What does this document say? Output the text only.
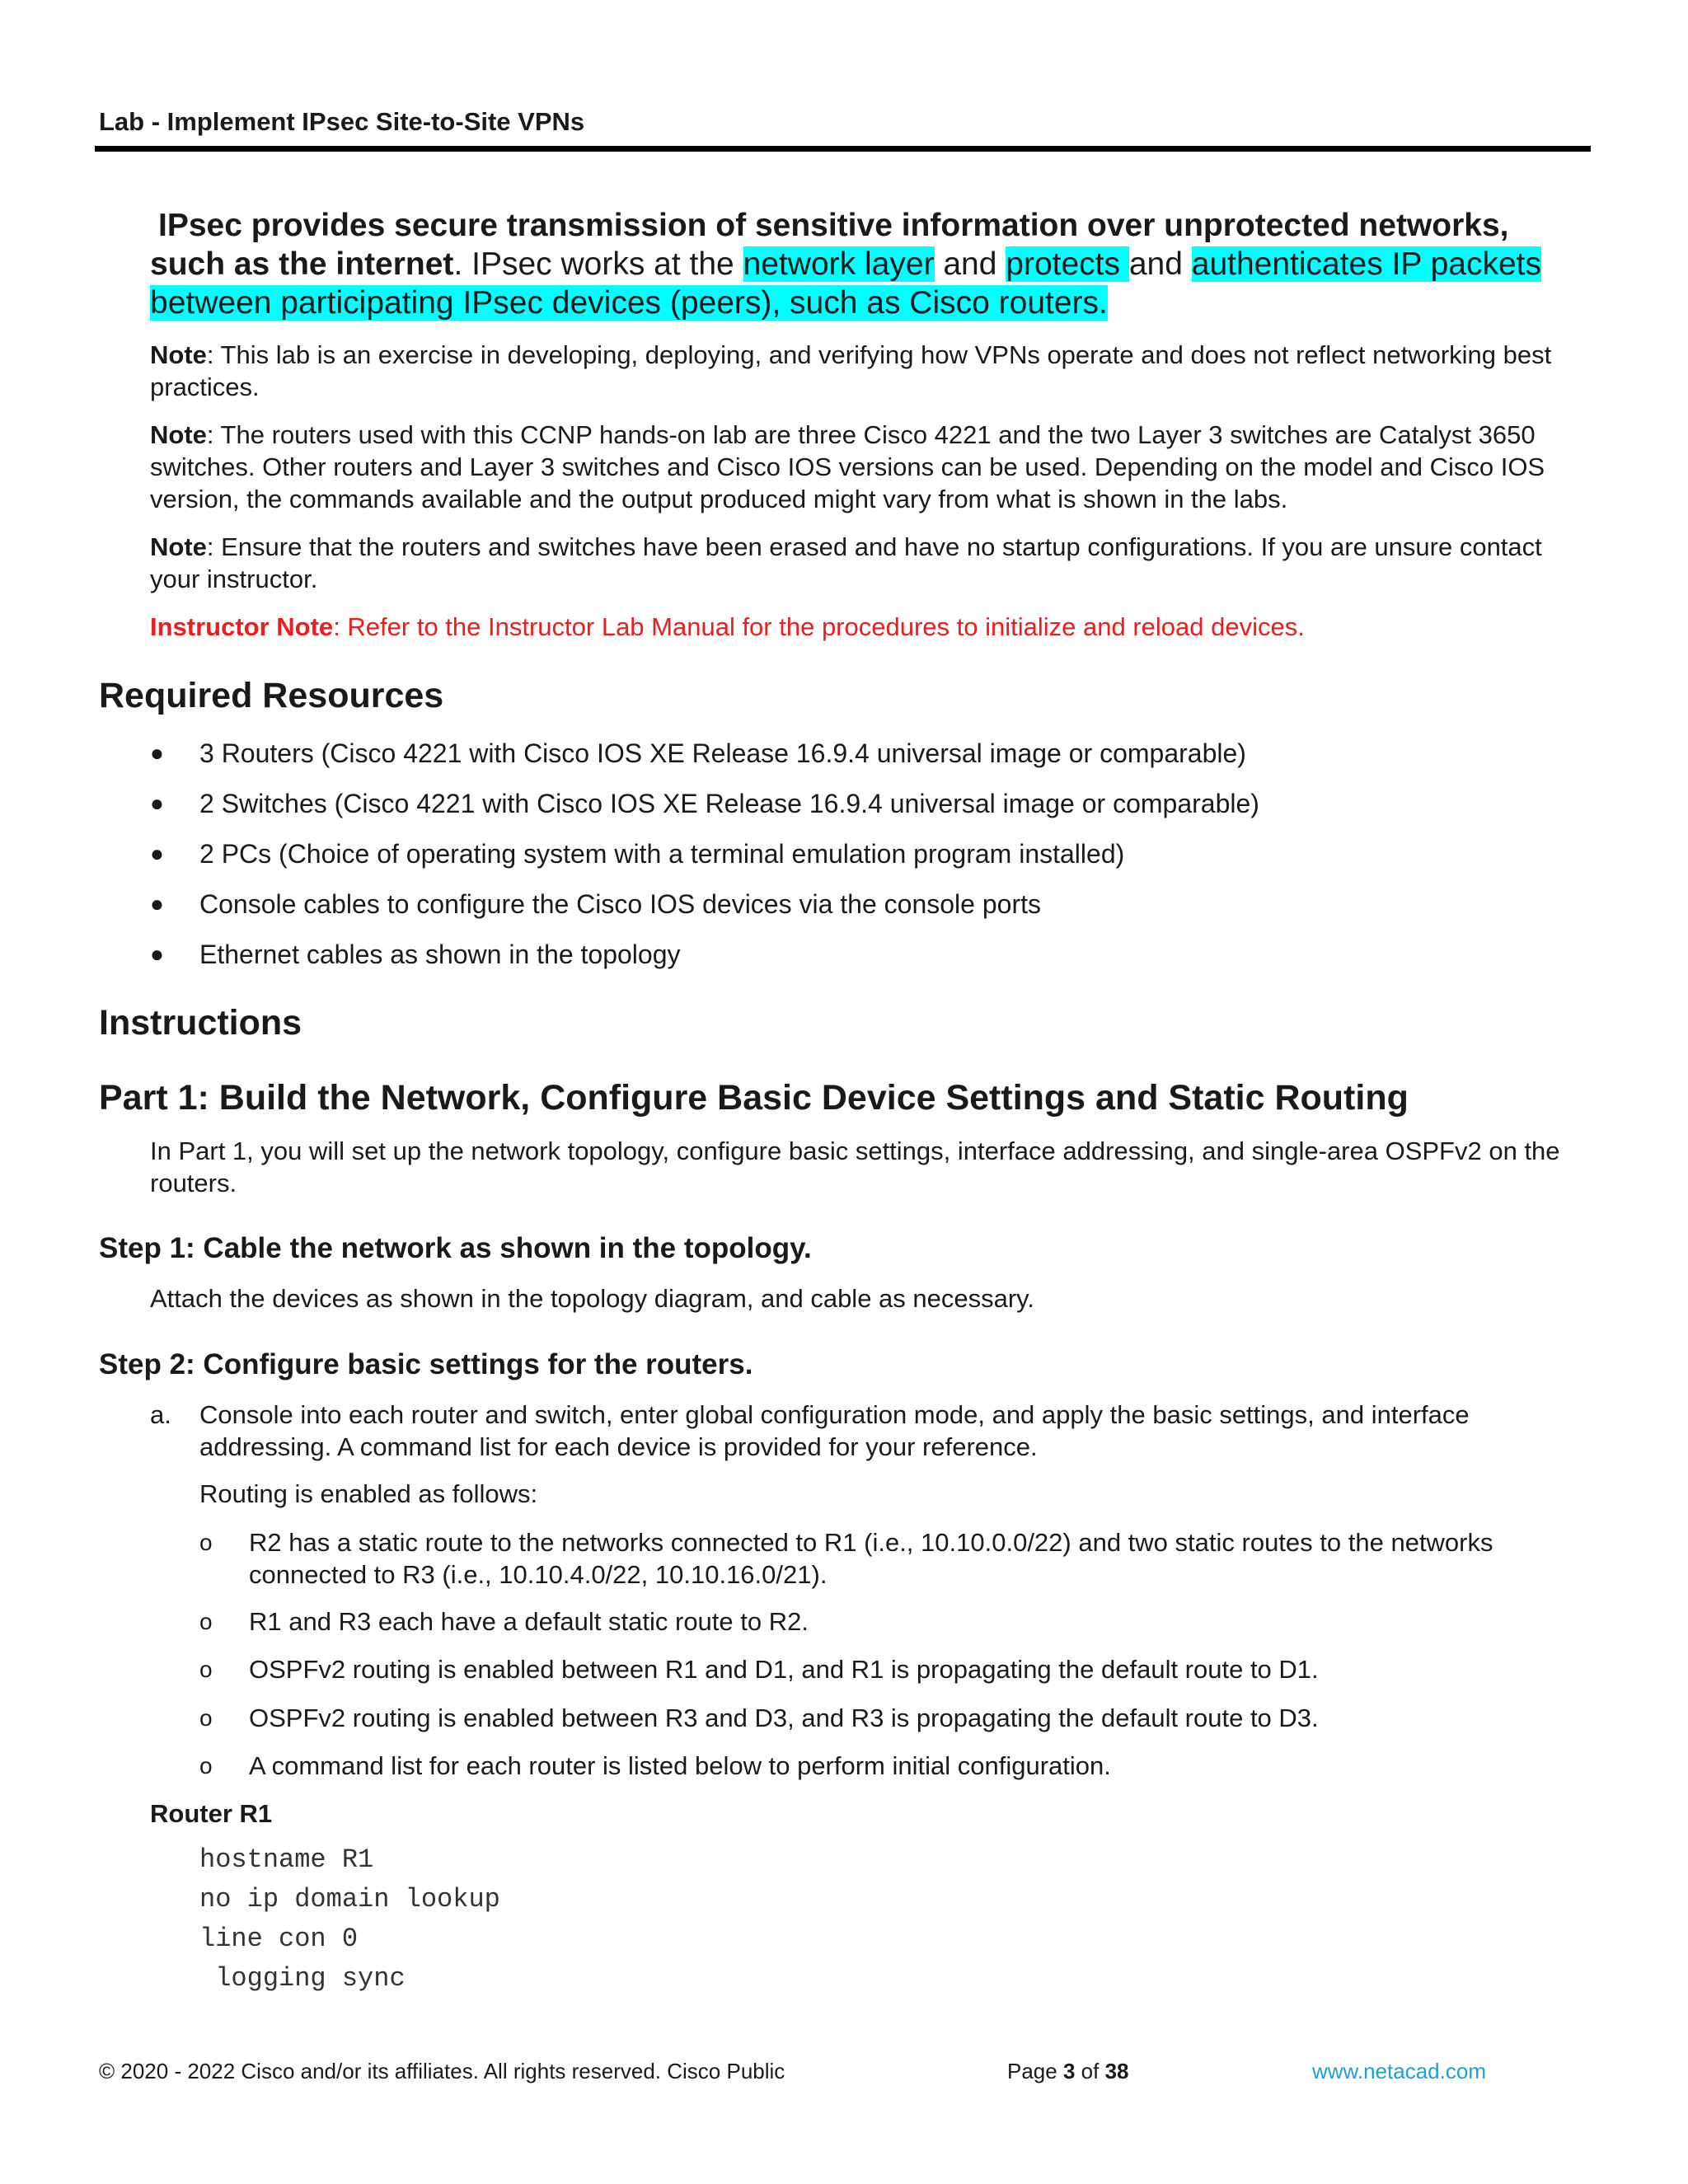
Lab - Implement IPsec Site-to-Site VPNs
IPsec provides secure transmission of sensitive information over unprotected networks, such as the internet. IPsec works at the network layer and protects and authenticates IP packets between participating IPsec devices (peers), such as Cisco routers.
Note: This lab is an exercise in developing, deploying, and verifying how VPNs operate and does not reflect networking best practices.
Note: The routers used with this CCNP hands-on lab are three Cisco 4221 and the two Layer 3 switches are Catalyst 3650 switches. Other routers and Layer 3 switches and Cisco IOS versions can be used. Depending on the model and Cisco IOS version, the commands available and the output produced might vary from what is shown in the labs.
Note: Ensure that the routers and switches have been erased and have no startup configurations. If you are unsure contact your instructor.
Instructor Note: Refer to the Instructor Lab Manual for the procedures to initialize and reload devices.
Required Resources
●	3 Routers (Cisco 4221 with Cisco IOS XE Release 16.9.4 universal image or comparable)
●	2 Switches (Cisco 4221 with Cisco IOS XE Release 16.9.4 universal image or comparable)
●	2 PCs (Choice of operating system with a terminal emulation program installed)
●	Console cables to configure the Cisco IOS devices via the console ports
●	Ethernet cables as shown in the topology
Instructions
Part 1: Build the Network, Configure Basic Device Settings and Static Routing
In Part 1, you will set up the network topology, configure basic settings, interface addressing, and single-area OSPFv2 on the routers.
Step 1: Cable the network as shown in the topology.
Attach the devices as shown in the topology diagram, and cable as necessary.
Step 2: Configure basic settings for the routers.
a.	Console into each router and switch, enter global configuration mode, and apply the basic settings, and interface addressing. A command list for each device is provided for your reference.
Routing is enabled as follows:
o	R2 has a static route to the networks connected to R1 (i.e., 10.10.0.0/22) and two static routes to the networks connected to R3 (i.e., 10.10.4.0/22, 10.10.16.0/21).
o	R1 and R3 each have a default static route to R2.
o	OSPFv2 routing is enabled between R1 and D1, and R1 is propagating the default route to D1.
o	OSPFv2 routing is enabled between R3 and D3, and R3 is propagating the default route to D3.
o	A command list for each router is listed below to perform initial configuration.
Router R1
hostname R1
no ip domain lookup
line con 0
logging sync
© 2020 - 2022 Cisco and/or its affiliates. All rights reserved. Cisco Public	Page 3 of 38	www.netacad.com
